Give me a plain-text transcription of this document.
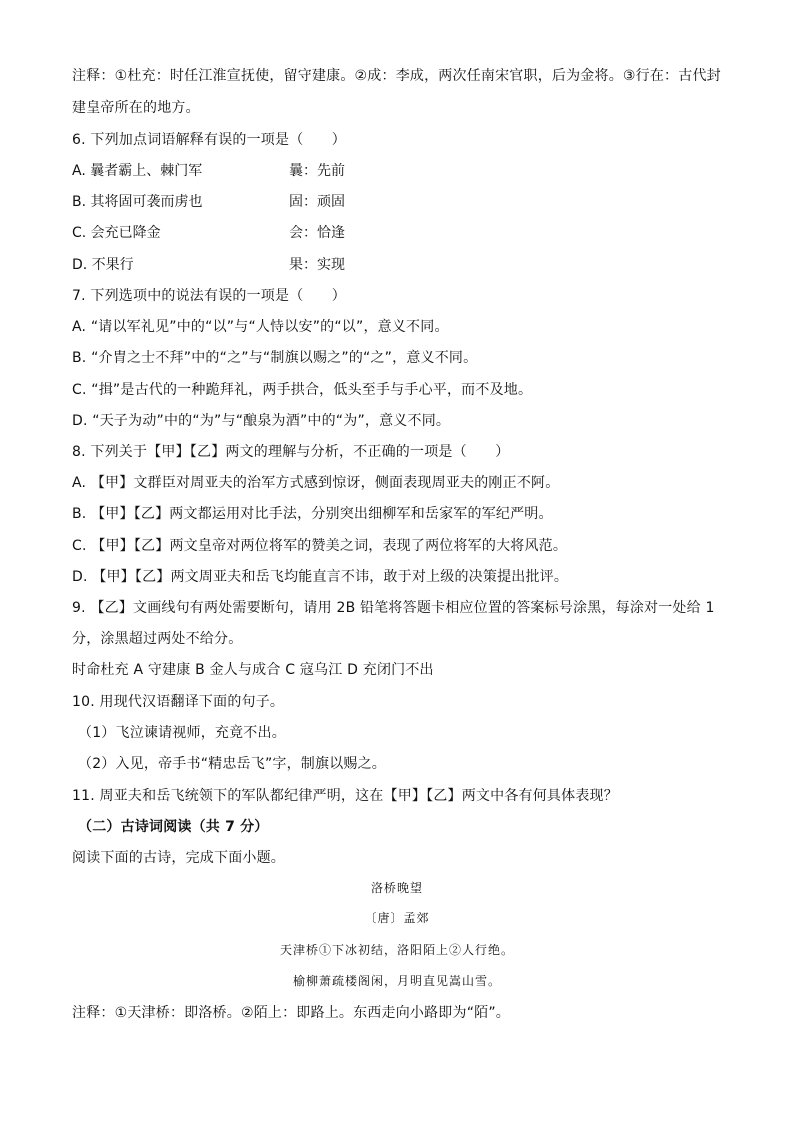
注释：①杜充：时任江淮宣抚使，留守建康。②成：李成，两次任南宋官职，后为金将。③行在：古代封
建皇帝所在的地方。
6. 下列加点词语解释有误的一项是（　　）
A. 曩者霸上、棘门军	曩：先前
B. 其将固可袭而虏也	固：顽固
C. 会充已降金	会：恰逢
D. 不果行	果：实现
7. 下列选项中的说法有误的一项是（　　）
A. “请以军礼见”中的“以”与“人恃以安”的“以”，意义不同。
B. “介胄之士不拜”中的“之”与“制旗以赐之”的“之”，意义不同。
C. “揖”是古代的一种跪拜礼，两手拱合，低头至手与手心平，而不及地。
D. “天子为动”中的“为”与“酿泉为酒”中的“为”，意义不同。
8. 下列关于【甲】【乙】两文的理解与分析，不正确的一项是（　　）
A. 【甲】文群臣对周亚夫的治军方式感到惊讶，侧面表现周亚夫的刚正不阿。
B. 【甲】【乙】两文都运用对比手法，分别突出细柳军和岳家军的军纪严明。
C. 【甲】【乙】两文皇帝对两位将军的赞美之词，表现了两位将军的大将风范。
D. 【甲】【乙】两文周亚夫和岳飞均能直言不讳，敢于对上级的决策提出批评。
9. 【乙】文画线句有两处需要断句，请用 2B 铅笔将答题卡相应位置的答案标号涂黑，每涂对一处给 1
分，涂黑超过两处不给分。
时命杜充 A 守建康 B 金人与成合 C 寇乌江 D 充闭门不出
10. 用现代汉语翻译下面的句子。
（1）飞泣谏请视师，充竟不出。
（2）入见，帝手书“精忠岳飞”字，制旗以赐之。
11. 周亚夫和岳飞统领下的军队都纪律严明，这在【甲】【乙】两文中各有何具体表现？
（二）古诗词阅读（共 7 分）
阅读下面的古诗，完成下面小题。
洛桥晚望
〔唐〕孟郊
天津桥①下冰初结，洛阳陌上②人行绝。
榆柳萧疏楼阁闲，月明直见嵩山雪。
注释：①天津桥：即洛桥。②陌上：即路上。东西走向小路即为“陌”。
